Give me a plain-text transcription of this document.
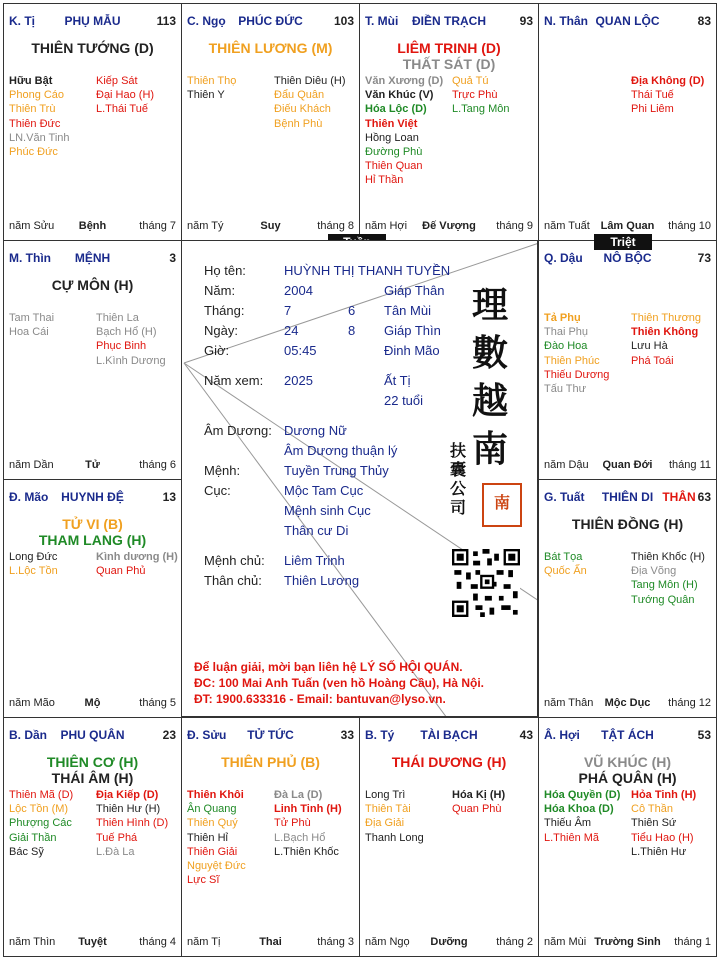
K. Tị	PHỤ MẪU	113
THIÊN TƯỚNG (D)
Hữu Bật
Phong Cáo
Thiên Trù
Thiên Đức
LN.Văn Tinh
Phúc Đức
Kiếp Sát
Đại Hao (H)
L.Thái Tuế
năm Sửu	Bệnh	tháng 7
C. Ngọ	PHÚC ĐỨC	103
THIÊN LƯƠNG (M)
Thiên Thọ
Thiên Y
Thiên Diêu (H)
Đẩu Quân
Điếu Khách
Bệnh Phù
năm Tý	Suy	tháng 8
T. Mùi	ĐIỀN TRẠCH	93
LIÊM TRINH (D)
THẤT SÁT (D)
Văn Xương (D)
Văn Khúc (V)
Hóa Lộc (D)
Thiên Việt
Hồng Loan
Đường Phù
Thiên Quan
Hỉ Thần
Quả Tú
Trực Phù
L.Tang Môn
năm Hợi	Đế Vượng	tháng 9
N. Thân QUAN LỘC	83
Địa Không (D)
Thái Tuế
Phi Liêm
năm Tuất Lâm Quan	tháng 10
M. Thìn	MỆNH	3
CỰ MÔN (H)
Tam Thai
Hoa Cái
Thiên La
Bạch Hổ (H)
Phục Binh
L.Kình Dương
năm Dần	Tử	tháng 6
Q. Dậu	NÔ BỘC	73
Tả Phụ
Thai Phụ
Đào Hoa
Thiên Phúc
Thiếu Dương
Tấu Thư
Thiên Thương
Thiên Không
Lưu Hà
Phá Toái
năm Dậu	Quan Đới	tháng 11
Đ. Mão	HUYNH ĐỆ	13
TỬ VI (B)
THAM LANG (H)
Long Đức
L.Lộc Tồn
Kình dương (H)
Quan Phủ
năm Mão	Mộ	tháng 5
G. Tuất	THIÊN DI THÂN 63
THIÊN ĐỒNG (H)
Bát Tọa
Quốc Ấn
Thiên Khốc (H)
Địa Võng
Tang Môn (H)
Tướng Quân
năm Thân	Mộc Dục	tháng 12
B. Dần	PHU QUÂN	23
THIÊN CƠ (H)
THÁI ÂM (H)
Thiên Mã (D)
Lộc Tồn (M)
Phượng Các
Giải Thần
Bác Sỹ
Địa Kiếp (D)
Thiên Hư (H)
Thiên Hình (D)
Tuế Phá
L.Đà La
năm Thìn	Tuyệt	tháng 4
Đ. Sửu	TỬ TỨC	33
THIÊN PHỦ (B)
Thiên Khôi
Ân Quang
Thiên Quý
Thiên Hỉ
Thiên Giải
Nguyệt Đức
Lực Sĩ
Đà La (D)
Linh Tinh (H)
Tử Phù
L.Bạch Hổ
L.Thiên Khốc
năm Tị	Thai	tháng 3
B. Tý	TÀI BẠCH	43
THÁI DƯƠNG (H)
Long Trì
Thiên Tài
Địa Giải
Thanh Long
Hóa Kị (H)
Quan Phù
năm Ngọ	Dưỡng	tháng 2
Â. Hợi	TẬT ÁCH	53
VŨ KHÚC (H)
PHÁ QUÂN (H)
Hóa Quyền (D)
Hóa Khoa (D)
Thiếu Âm
L.Thiên Mã
Hỏa Tinh (H)
Cô Thần
Thiên Sứ
Tiểu Hao (H)
L.Thiên Hư
năm Mùi Trường Sinh	tháng 1
Triệt
Họ tên:	HUỲNH THỊ THANH TUYỀN
Năm:	2004	Giáp Thân
Tháng:	7	6 Tân Mùi
Ngày:	24	8 Giáp Thìn
Giờ:	05:45	Đinh Mão
Năm xem: 2025	Ất Tị
22 tuổi
Âm Dương: Dương Nữ
Âm Dương thuận lý
Mệnh:	Tuyền Trung Thủy
Cục:	Mộc Tam Cục
Mệnh sinh Cục
Thân cư Di
Mệnh chủ: Liêm Trinh
Thân chủ: Thiên Lương
理
數
越
南
扶囊公司	南
Để luận giải, mời bạn liên hệ LÝ SỐ HỘI QUÁN.
ĐC: 100 Mai Anh Tuấn (ven hồ Hoàng Cầu), Hà Nội.
ĐT: 1900.633316 - Email: bantuvan@lyso.vn.
